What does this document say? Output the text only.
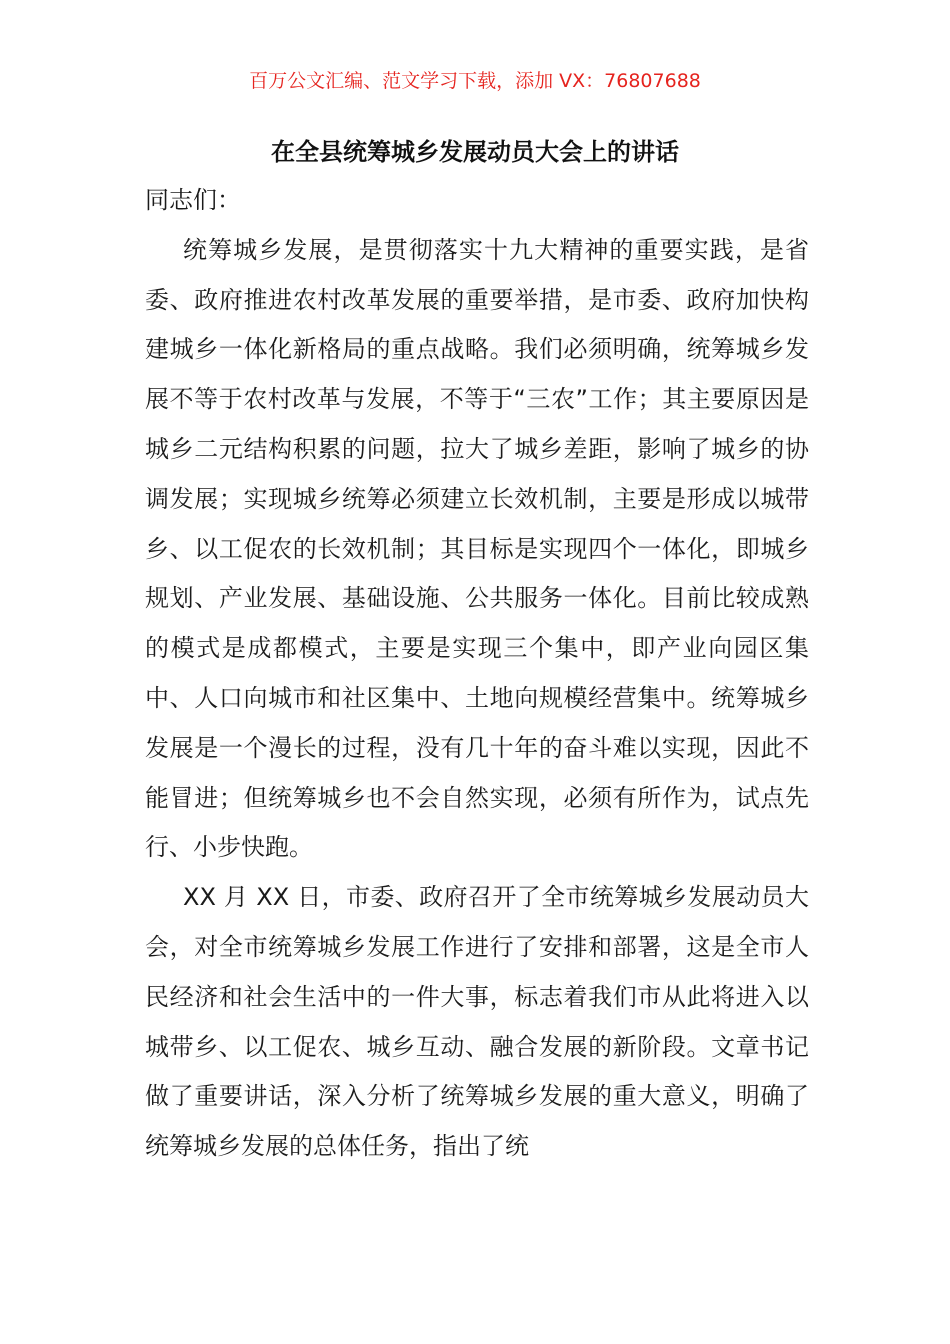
百万公文汇编、范文学习下载，添加 VX：76807688
在全县统筹城乡发展动员大会上的讲话

同志们：

统筹城乡发展，是贯彻落实十九大精神的重要实践，是省委、政府推进农村改革发展的重要举措，是市委、政府加快构建城乡一体化新格局的重点战略。我们必须明确，统筹城乡发展不等于农村改革与发展，不等于“三农”工作；其主要原因是城乡二元结构积累的问题，拉大了城乡差距，影响了城乡的协调发展；实现城乡统筹必须建立长效机制，主要是形成以城带乡、以工促农的长效机制；其目标是实现四个一体化，即城乡规划、产业发展、基础设施、公共服务一体化。目前比较成熟的模式是成都模式，主要是实现三个集中，即产业向园区集中、人口向城市和社区集中、土地向规模经营集中。统筹城乡发展是一个漫长的过程，没有几十年的奋斗难以实现，因此不能冒进；但统筹城乡也不会自然实现，必须有所作为，试点先行、小步快跑。

XX 月 XX 日，市委、政府召开了全市统筹城乡发展动员大会，对全市统筹城乡发展工作进行了安排和部署，这是全市人民经济和社会生活中的一件大事，标志着我们市从此将进入以城带乡、以工促农、城乡互动、融合发展的新阶段。文章书记做了重要讲话，深入分析了统筹城乡发展的重大意义，明确了统筹城乡发展的总体任务，指出了统
